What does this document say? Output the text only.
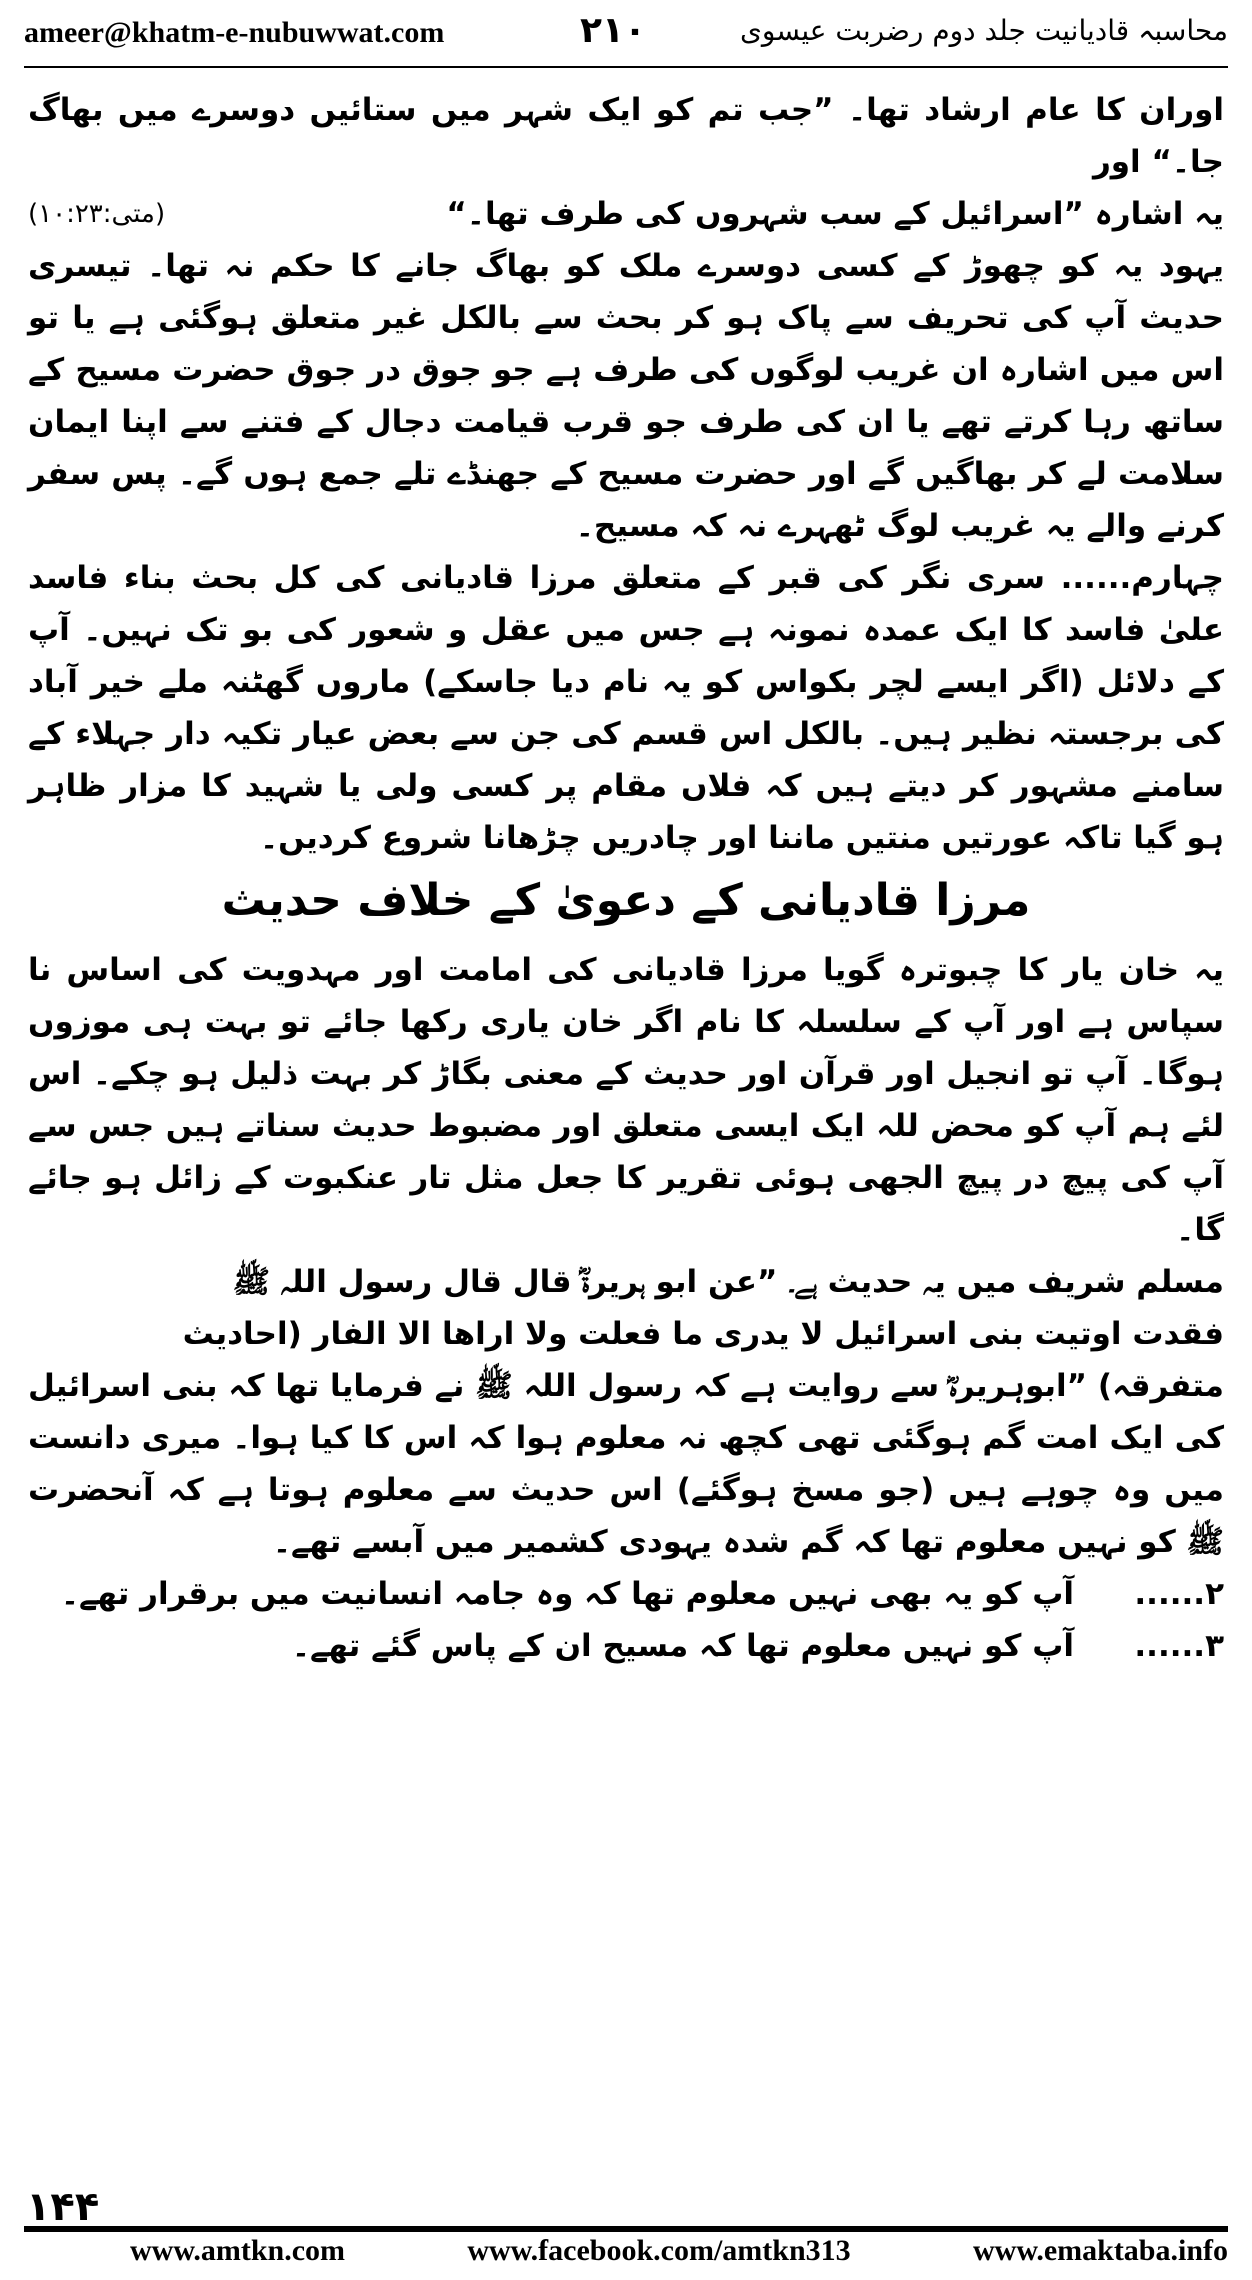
ameer@khatm-e-nubuwwat.com	۲۱۰	محاسبہ قادیانیت جلد دوم رضربت عیسوی

اوران کا عام ارشاد تھا۔ ”جب تم کو ایک شہر میں ستائیں دوسرے میں بھاگ جا۔“ اور

یہ اشارہ ”اسرائیل کے سب شہروں کی طرف تھا۔“
(متی:۱۰:۲۳)

یہود یہ کو چھوڑ کے کسی دوسرے ملک کو بھاگ جانے کا حکم نہ تھا۔ تیسری حدیث آپ کی تحریف سے پاک ہو کر بحث سے بالکل غیر متعلق ہوگئی ہے یا تو اس میں اشارہ ان غریب لوگوں کی طرف ہے جو جوق در جوق حضرت مسیح کے ساتھ رہا کرتے تھے یا ان کی طرف جو قرب قیامت دجال کے فتنے سے اپنا ایمان سلامت لے کر بھاگیں گے اور حضرت مسیح کے جھنڈے تلے جمع ہوں گے۔ پس سفر کرنے والے یہ غریب لوگ ٹھہرے نہ کہ مسیح۔

چہارم...... سری نگر کی قبر کے متعلق مرزا قادیانی کی کل بحث بناء فاسد علیٰ فاسد کا ایک عمدہ نمونہ ہے جس میں عقل و شعور کی بو تک نہیں۔ آپ کے دلائل (اگر ایسے لچر بکواس کو یہ نام دیا جاسکے) ماروں گھٹنہ ملے خیر آباد کی برجستہ نظیر ہیں۔ بالکل اس قسم کی جن سے بعض عیار تکیہ دار جہلاء کے سامنے مشہور کر دیتے ہیں کہ فلاں مقام پر کسی ولی یا شہید کا مزار ظاہر ہو گیا تاکہ عورتیں منتیں ماننا اور چادریں چڑھانا شروع کردیں۔

مرزا قادیانی کے دعویٰ کے خلاف حدیث

یہ خان یار کا چبوترہ گویا مرزا قادیانی کی امامت اور مہدویت کی اساس نا سپاس ہے اور آپ کے سلسلہ کا نام اگر خان یاری رکھا جائے تو بہت ہی موزوں ہوگا۔ آپ تو انجیل اور قرآن اور حدیث کے معنی بگاڑ کر بہت ذلیل ہو چکے۔ اس لئے ہم آپ کو محض للہ ایک ایسی متعلق اور مضبوط حدیث سناتے ہیں جس سے آپ کی پیچ در پیچ الجھی ہوئی تقریر کا جعل مثل تار عنکبوت کے زائل ہو جائے گا۔

مسلم شریف میں یہ حدیث ہے۔ ”عن ابو ہریرۃؓ قال قال رسول اللہ ﷺ

فقدت اوتیت بنی اسرائیل لا یدری ما فعلت ولا اراھا الا الفار (احادیث

متفرقہ) ”ابوہریرہؓ سے روایت ہے کہ رسول اللہ ﷺ نے فرمایا تھا کہ بنی اسرائیل کی ایک امت گم ہوگئی تھی کچھ نہ معلوم ہوا کہ اس کا کیا ہوا۔ میری دانست میں وہ چوہے ہیں (جو مسخ ہوگئے) اس حدیث سے معلوم ہوتا ہے کہ آنحضرت ﷺ کو نہیں معلوم تھا کہ گم شدہ یہودی کشمیر میں آبسے تھے۔

۲......
آپ کو یہ بھی نہیں معلوم تھا کہ وہ جامہ انسانیت میں برقرار تھے۔
۳......
آپ کو نہیں معلوم تھا کہ مسیح ان کے پاس گئے تھے۔
۱۴۴
www.amtkn.com	www.facebook.com/amtkn313	www.emaktaba.info
